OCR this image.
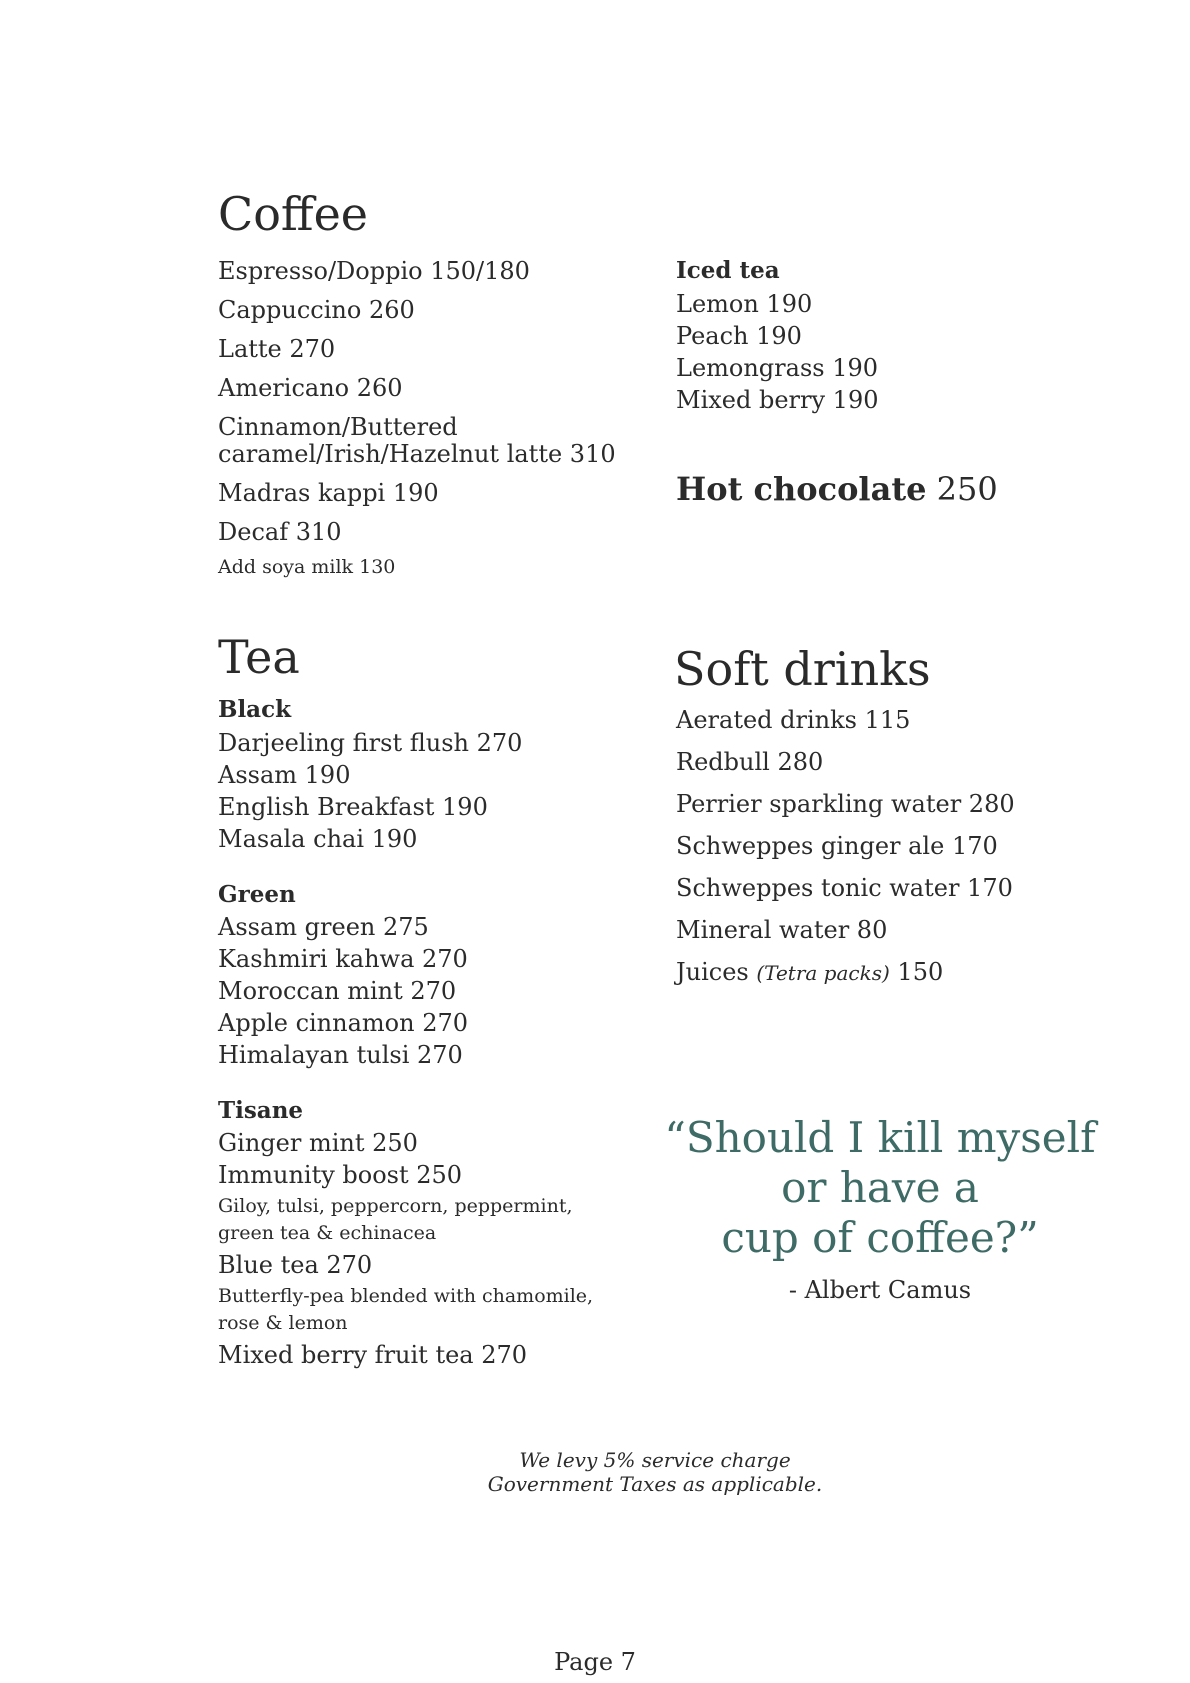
Coffee
Espresso/Doppio 150/180
Cappuccino 260
Latte 270
Americano 260
Cinnamon/Buttered
caramel/Irish/Hazelnut latte 310
Madras kappi 190
Decaf 310
Add soya milk 130
Iced tea
Lemon 190
Peach 190
Lemongrass 190
Mixed berry 190
Hot chocolate 250
Tea
Black
Darjeeling first flush 270
Assam 190
English Breakfast 190
Masala chai 190
Green
Assam green 275
Kashmiri kahwa 270
Moroccan mint 270
Apple cinnamon 270
Himalayan tulsi 270
Tisane
Ginger mint 250
Immunity boost 250
Giloy, tulsi, peppercorn, peppermint,
green tea & echinacea
Blue tea 270
Butterfly-pea blended with chamomile,
rose & lemon
Mixed berry fruit tea 270
Soft drinks
Aerated drinks 115
Redbull 280
Perrier sparkling water 280
Schweppes ginger ale 170
Schweppes tonic water 170
Mineral water 80
Juices (Tetra packs) 150
“Should I kill myself
or have a
cup of coffee?”
- Albert Camus
We levy 5% service charge
Government Taxes as applicable.
Page 7
